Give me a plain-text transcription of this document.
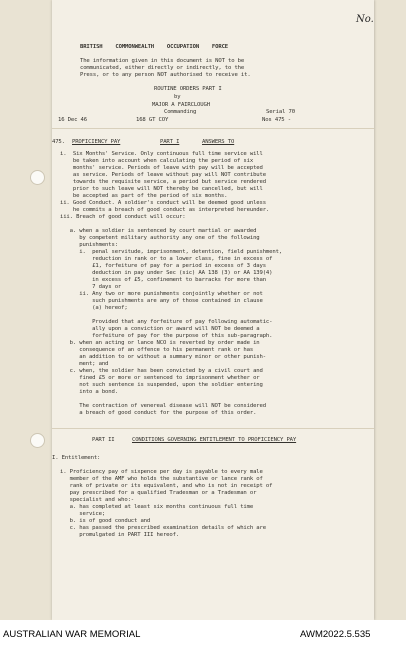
BRITISH    COMMONWEALTH    OCCUPATION    FORCE
The information given in this document is NOT to be
communicated, either directly or indirectly, to the
Press, or to any person NOT authorised to receive it.
ROUTINE ORDERS PART I
by
MAJOR A FAIRCLOUGH
Commanding	Serial 70
16 Dec 46	168 GT COY	Nos 475 -
475. PROFICIENCY PAY	PART I	ANSWERS TO
i.  Six Months' Service. Only continuous full time service will
be taken into account when calculating the period of six
months' service. Periods of leave with pay will be accepted
as service. Periods of leave without pay will NOT contribute
towards the requisite service, a period but service rendered
prior to such leave will NOT thereby be cancelled, but will
be accepted as part of the period of six months.
ii. Good Conduct. A soldier's conduct will be deemed good unless
he commits a breach of good conduct as interpreted hereunder.
iii. Breach of good conduct will occur:
a. when a soldier is sentenced by court martial or awarded
by competent military authority any one of the following
punishments:
i.  penal servitude, imprisonment, detention, field punishment,
reduction in rank or to a lower class, fine in excess of
£1, forfeiture of pay for a period in excess of 3 days
deduction in pay under Sec (sic) AA 138 (3) or AA 139(4)
in excess of £5, confinement to barracks for more than
7 days or
ii. Any two or more punishments conjointly whether or not
such punishments are any of those contained in clause
(a) hereof;
Provided that any forfeiture of pay following automatic-
ally upon a conviction or award will NOT be deemed a
forfeiture of pay for the purpose of this sub-paragraph.
b. when an acting or lance NCO is reverted by order made in
consequence of an offence to his permanent rank or has
an addition to or without a summary minor or other punish-
ment; and
c. when, the soldier has been convicted by a civil court and
fined £5 or more or sentenced to imprisonment whether or
not such sentence is suspended, upon the soldier entering
into a bond.
The contraction of venereal disease will NOT be considered
a breach of good conduct for the purpose of this order.
PART II	CONDITIONS GOVERNING ENTITLEMENT TO PROFICIENCY PAY
I. Entitlement:
i. Proficiency pay of sixpence per day is payable to every male
member of the AMF who holds the substantive or lance rank of
rank of private or its equivalent, and who is not in receipt of
pay prescribed for a qualified Tradesman or a Tradesman or
specialist and who:-
a. has completed at least six months continuous full time
service;
b. is of good conduct and
c. has passed the prescribed examination details of which are
promulgated in PART III hereof.
No.
AUSTRALIAN WAR MEMORIAL	AWM2022.5.535
